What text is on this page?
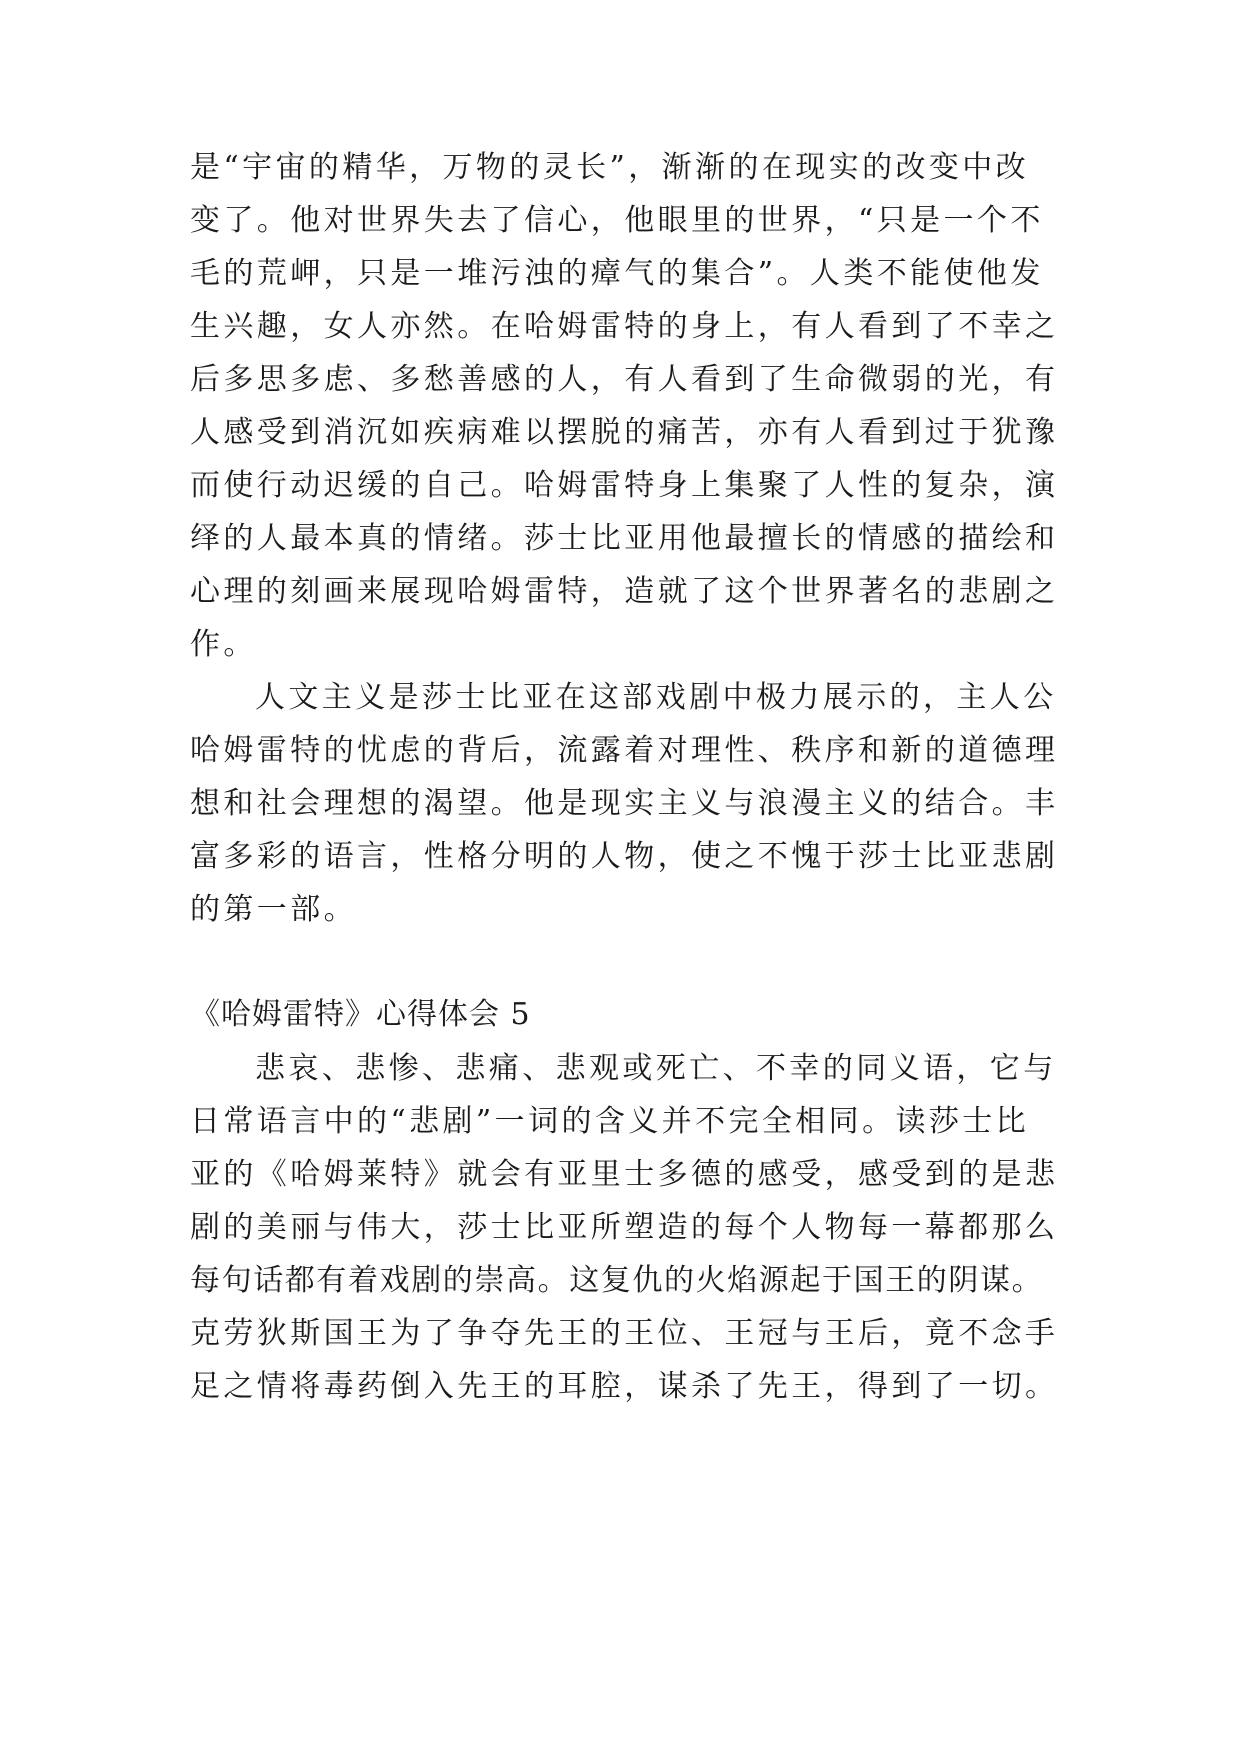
是“宇宙的精华，万物的灵长”，渐渐的在现实的改变中改
变了。他对世界失去了信心，他眼里的世界，“只是一个不
毛的荒岬，只是一堆污浊的瘴气的集合”。人类不能使他发
生兴趣，女人亦然。在哈姆雷特的身上，有人看到了不幸之
后多思多虑、多愁善感的人，有人看到了生命微弱的光，有
人感受到消沉如疾病难以摆脱的痛苦，亦有人看到过于犹豫
而使行动迟缓的自己。哈姆雷特身上集聚了人性的复杂，演
绎的人最本真的情绪。莎士比亚用他最擅长的情感的描绘和
心理的刻画来展现哈姆雷特，造就了这个世界著名的悲剧之
作。
人文主义是莎士比亚在这部戏剧中极力展示的，主人公
哈姆雷特的忧虑的背后，流露着对理性、秩序和新的道德理
想和社会理想的渴望。他是现实主义与浪漫主义的结合。丰
富多彩的语言，性格分明的人物，使之不愧于莎士比亚悲剧
的第一部。
《哈姆雷特》心得体会 5
悲哀、悲惨、悲痛、悲观或死亡、不幸的同义语，它与
日常语言中的“悲剧”一词的含义并不完全相同。读莎士比
亚的《哈姆莱特》就会有亚里士多德的感受，感受到的是悲
剧的美丽与伟大，莎士比亚所塑造的每个人物每一幕都那么
每句话都有着戏剧的崇高。这复仇的火焰源起于国王的阴谋。
克劳狄斯国王为了争夺先王的王位、王冠与王后，竟不念手
足之情将毒药倒入先王的耳腔，谋杀了先王，得到了一切。
